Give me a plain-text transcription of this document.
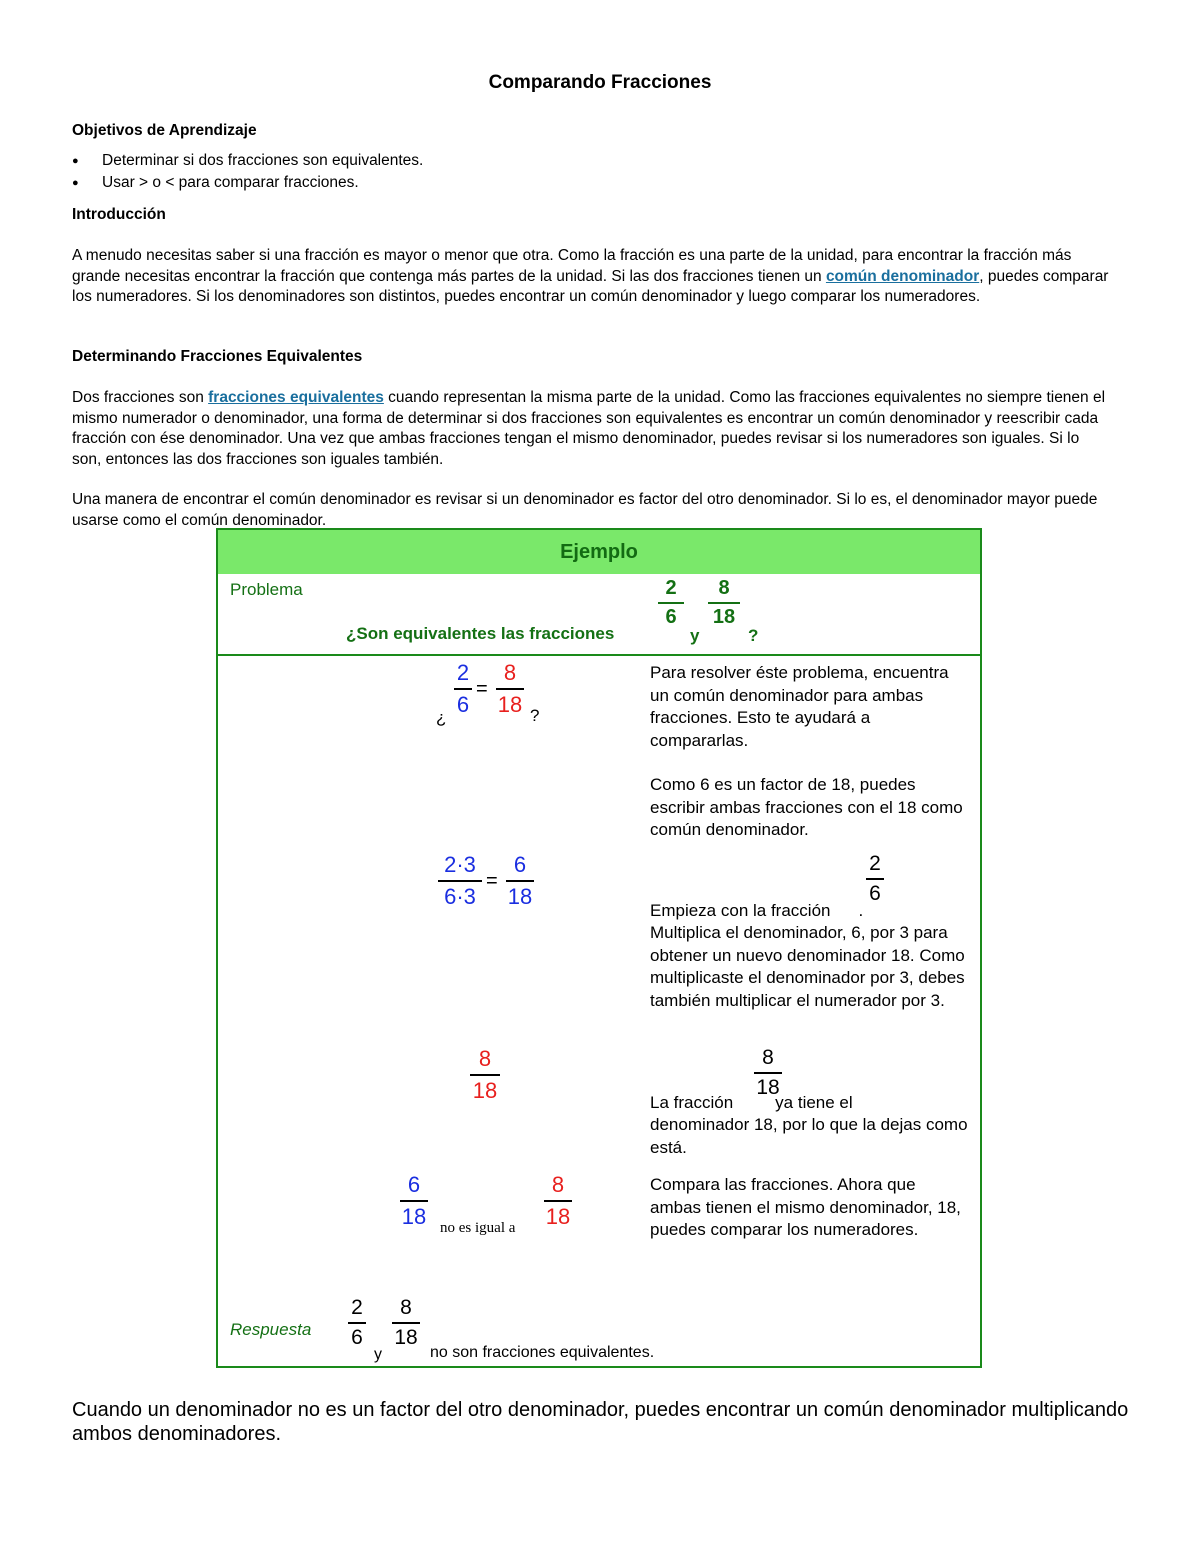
Comparando Fracciones
Objetivos de Aprendizaje
● Determinar si dos fracciones son equivalentes.
● Usar > o < para comparar fracciones.
Introducción
A menudo necesitas saber si una fracción es mayor o menor que otra. Como la fracción es una parte de la unidad, para encontrar la fracción más grande necesitas encontrar la fracción que contenga más partes de la unidad. Si las dos fracciones tienen un común denominador, puedes comparar los numeradores. Si los denominadores son distintos, puedes encontrar un común denominador y luego comparar los numeradores.
Determinando Fracciones Equivalentes
Dos fracciones son fracciones equivalentes cuando representan la misma parte de la unidad. Como las fracciones equivalentes no siempre tienen el mismo numerador o denominador, una forma de determinar si dos fracciones son equivalentes es encontrar un común denominador y reescribir cada fracción con ése denominador. Una vez que ambas fracciones tengan el mismo denominador, puedes revisar si los numeradores son iguales. Si lo son, entonces las dos fracciones son iguales también.
Una manera de encontrar el común denominador es revisar si un denominador es factor del otro denominador. Si lo es, el denominador mayor puede usarse como el común denominador.
Ejemplo
Problema
¿Son equivalentes las fracciones
2
6
y
8
18
?
¿
2
6
=
8
18 ?
Para resolver éste problema, encuentra un común denominador para ambas fracciones. Esto te ayudará a compararlas.
Como 6 es un factor de 18, puedes escribir ambas fracciones con el 18 como común denominador.
2·3
6·3
=
6
18
2
6
Empieza con la fracción .
Multiplica el denominador, 6, por 3 para obtener un nuevo denominador 18. Como multiplicaste el denominador por 3, debes también multiplicar el numerador por 3.
8
18
8
18
La fracción ya tiene el
denominador 18, por lo que la dejas como está.
6
18 no es igual a
8
18
Compara las fracciones. Ahora que ambas tienen el mismo denominador, 18, puedes comparar los numeradores.
Respuesta
2
6
y
8
18
no son fracciones equivalentes.
Cuando un denominador no es un factor del otro denominador, puedes encontrar un común denominador multiplicando ambos denominadores.
